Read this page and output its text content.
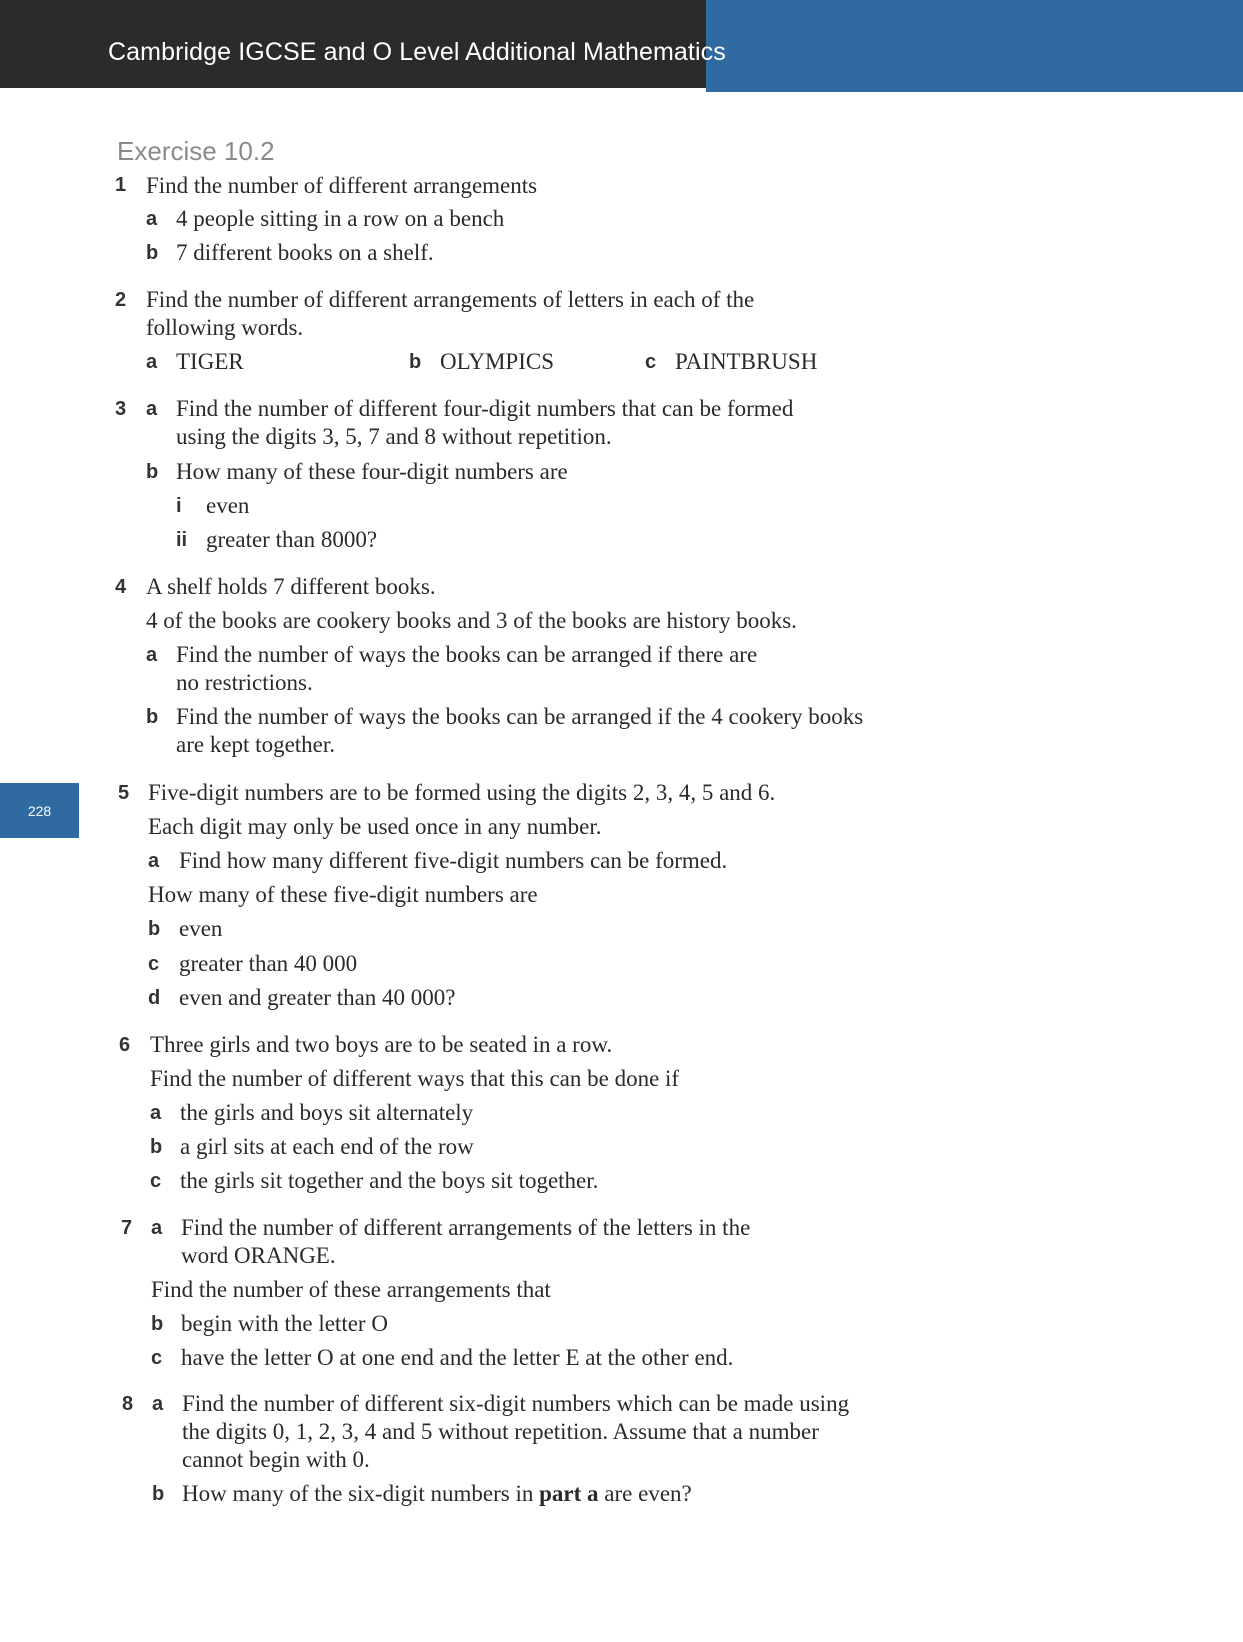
Cambridge IGCSE and O Level Additional Mathematics
228
Exercise 10.2
1 Find the number of different arrangements
a 4 people sitting in a row on a bench
b 7 different books on a shelf.
2 Find the number of different arrangements of letters in each of the
following words.
a TIGER	b OLYMPICS	c PAINTBRUSH
3 a Find the number of different four-digit numbers that can be formed
using the digits 3, 5, 7 and 8 without repetition.
b How many of these four-digit numbers are
i even
ii greater than 8000?
4 A shelf holds 7 different books.
4 of the books are cookery books and 3 of the books are history books.
a Find the number of ways the books can be arranged if there are
no restrictions.
b Find the number of ways the books can be arranged if the 4 cookery books
are kept together.
5 Five-digit numbers are to be formed using the digits 2, 3, 4, 5 and 6.
Each digit may only be used once in any number.
a Find how many different five-digit numbers can be formed.
How many of these five-digit numbers are
b even
c greater than 40 000
d even and greater than 40 000?
6 Three girls and two boys are to be seated in a row.
Find the number of different ways that this can be done if
a the girls and boys sit alternately
b a girl sits at each end of the row
c the girls sit together and the boys sit together.
7 a Find the number of different arrangements of the letters in the
word ORANGE.
Find the number of these arrangements that
b begin with the letter O
c have the letter O at one end and the letter E at the other end.
8 a Find the number of different six-digit numbers which can be made using
the digits 0, 1, 2, 3, 4 and 5 without repetition. Assume that a number
cannot begin with 0.
b How many of the six-digit numbers in part a are even?
